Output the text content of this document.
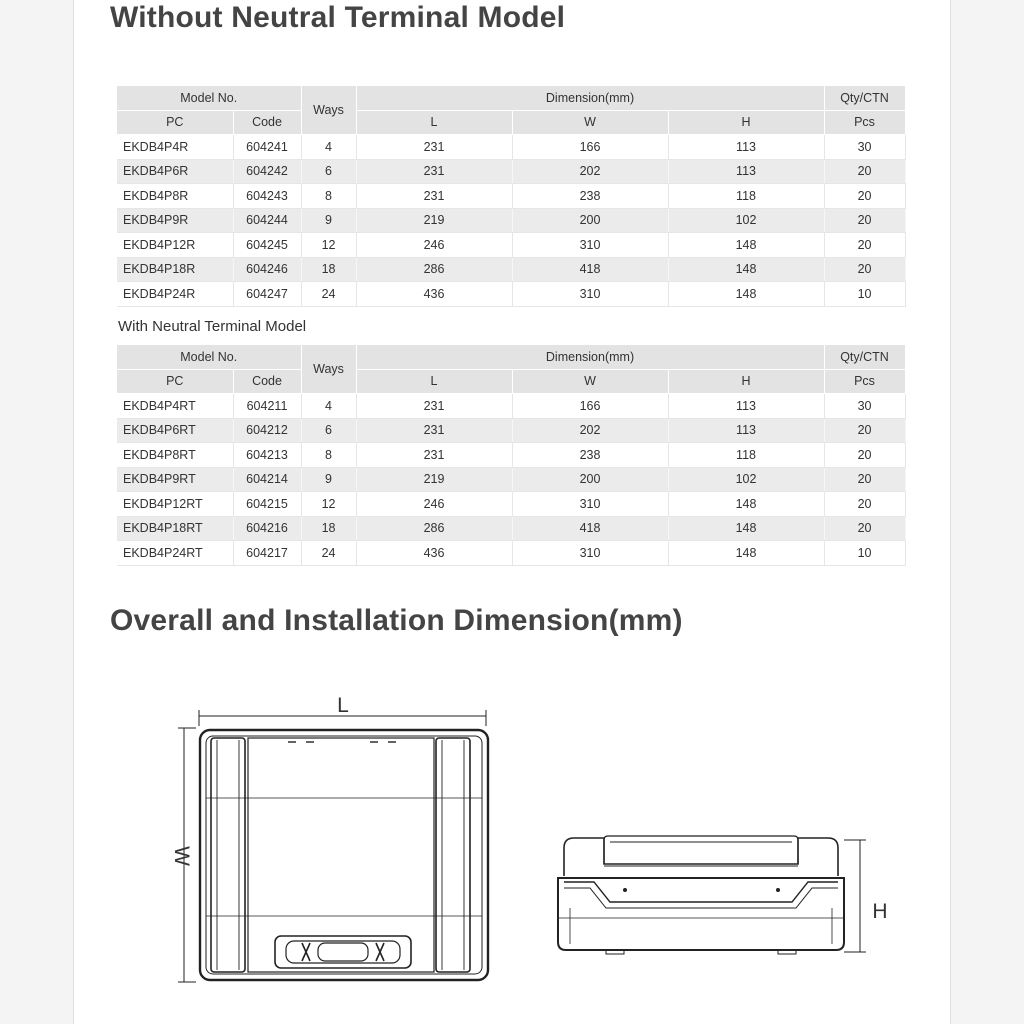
Without Neutral Terminal Model
Model No.		Ways	Dimension(mm)			Qty/CTN
PC	Code		L	W	H	Pcs
EKDB4P4R	604241	4	231	166	113	30
EKDB4P6R	604242	6	231	202	113	20
EKDB4P8R	604243	8	231	238	118	20
EKDB4P9R	604244	9	219	200	102	20
EKDB4P12R	604245	12	246	310	148	20
EKDB4P18R	604246	18	286	418	148	20
EKDB4P24R	604247	24	436	310	148	10
With Neutral Terminal Model
Model No.		Ways	Dimension(mm)			Qty/CTN
PC	Code		L	W	H	Pcs
EKDB4P4RT	604211	4	231	166	113	30
EKDB4P6RT	604212	6	231	202	113	20
EKDB4P8RT	604213	8	231	238	118	20
EKDB4P9RT	604214	9	219	200	102	20
EKDB4P12RT	604215	12	246	310	148	20
EKDB4P18RT	604216	18	286	418	148	20
EKDB4P24RT	604217	24	436	310	148	10
Overall and Installation Dimension(mm)
L
W
H
